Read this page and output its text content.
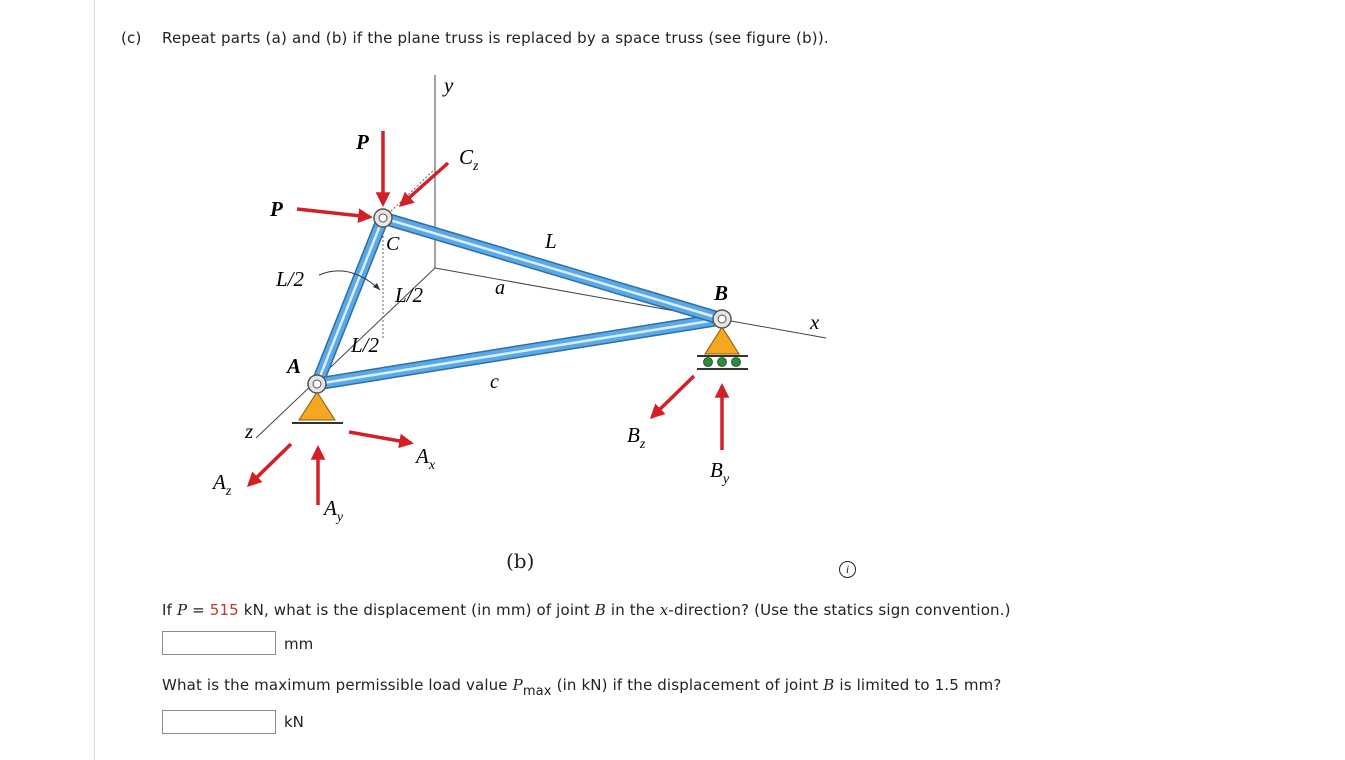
(c) Repeat parts (a) and (b) if the plane truss is replaced by a space truss (see figure (b)).
y
x
z
P
P
$C_z$
C	L
L/2
L/2
L/2
a
c
A
B
$A_x$
$A_y$
$A_z$
$B_z$
$B_y$
(b)	i
If P = 515 kN, what is the displacement (in mm) of joint B in the x-direction? (Use the statics sign convention.)
mm
What is the maximum permissible load value $P_{max}$ (in kN) if the displacement of joint B is limited to 1.5 mm?
kN
